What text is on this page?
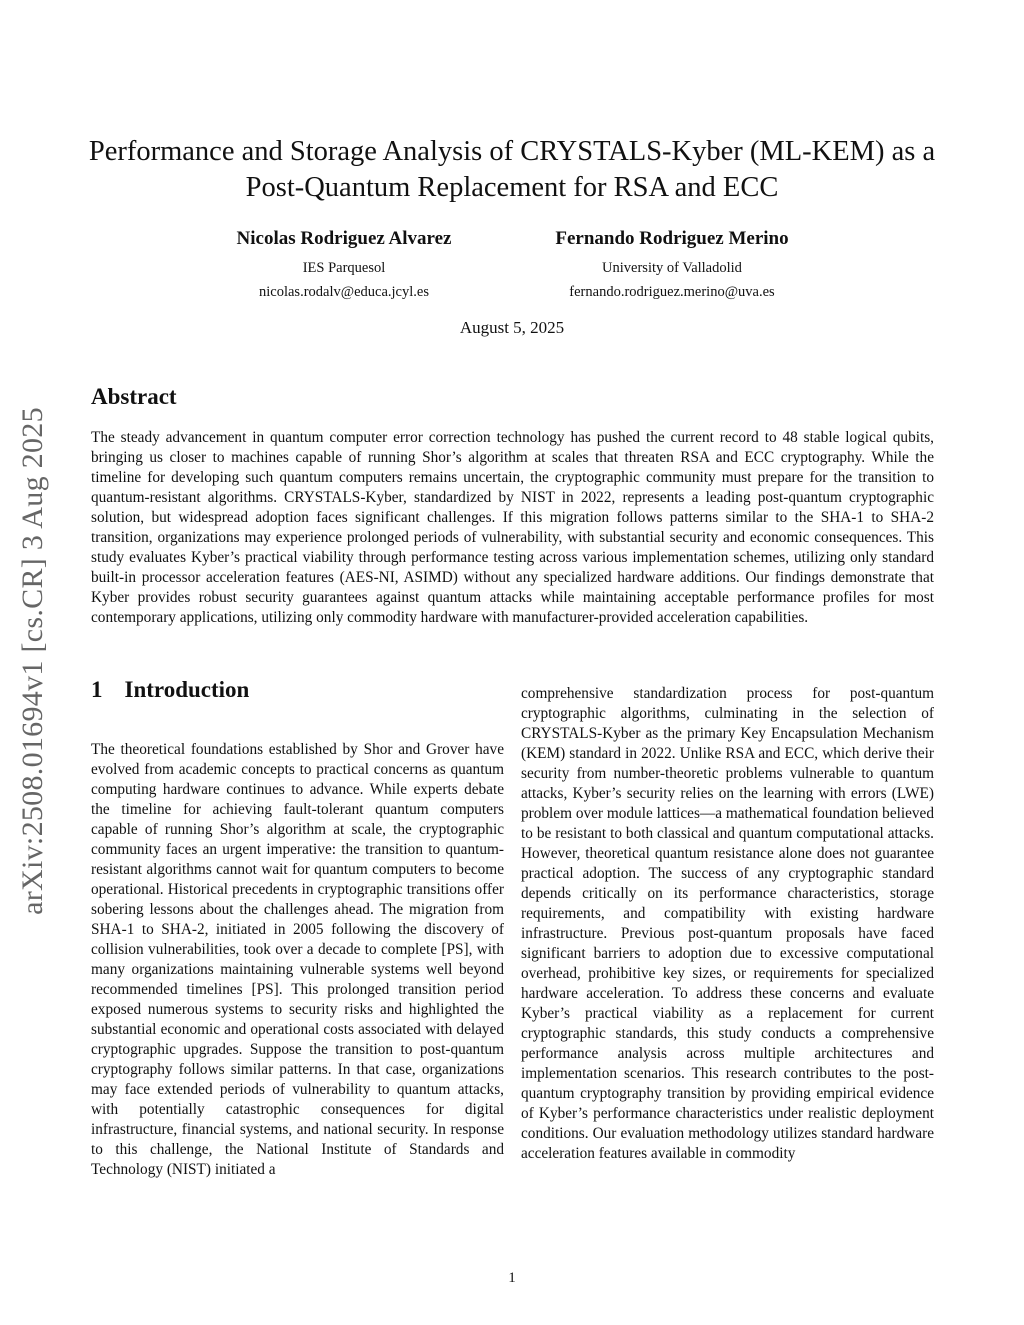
arXiv:2508.01694v1 [cs.CR] 3 Aug 2025
Performance and Storage Analysis of CRYSTALS-Kyber (ML-KEM) as a Post-Quantum Replacement for RSA and ECC
Nicolas Rodriguez Alvarez
IES Parquesol
nicolas.rodalv@educa.jcyl.es
Fernando Rodriguez Merino
University of Valladolid
fernando.rodriguez.merino@uva.es
August 5, 2025
Abstract

The steady advancement in quantum computer error correction technology has pushed the current record to 48 stable logical qubits, bringing us closer to machines capable of running Shor’s algorithm at scales that threaten RSA and ECC cryptography. While the timeline for developing such quantum computers remains uncertain, the cryptographic community must prepare for the transition to quantum-resistant algorithms. CRYSTALS-Kyber, standardized by NIST in 2022, represents a leading post-quantum cryptographic solution, but widespread adoption faces significant challenges. If this migration follows patterns similar to the SHA-1 to SHA-2 transition, organizations may experience prolonged periods of vulnerability, with substantial security and economic consequences. This study evaluates Kyber’s practical viability through performance testing across various implementation schemes, utilizing only standard built-in processor acceleration features (AES-NI, ASIMD) without any specialized hardware additions. Our findings demonstrate that Kyber provides robust security guarantees against quantum attacks while maintaining acceptable performance profiles for most contemporary applications, utilizing only commodity hardware with manufacturer-provided acceleration capabilities.

1 Introduction

The theoretical foundations established by Shor and Grover have evolved from academic concepts to practical concerns as quantum computing hardware continues to advance. While experts debate the timeline for achieving fault-tolerant quantum computers capable of running Shor’s algorithm at scale, the cryptographic community faces an urgent imperative: the transition to quantum-resistant algorithms cannot wait for quantum computers to become operational. Historical precedents in cryptographic transitions offer sobering lessons about the challenges ahead. The migration from SHA-1 to SHA-2, initiated in 2005 following the discovery of collision vulnerabilities, took over a decade to complete [PS], with many organizations maintaining vulnerable systems well beyond recommended timelines [PS]. This prolonged transition period exposed numerous systems to security risks and highlighted the substantial economic and operational costs associated with delayed cryptographic upgrades. Suppose the transition to post-quantum cryptography follows similar patterns. In that case, organizations may face extended periods of vulnerability to quantum attacks, with potentially catastrophic consequences for digital infrastructure, financial systems, and national security. In response to this challenge, the National Institute of Standards and Technology (NIST) initiated a

comprehensive standardization process for post-quantum cryptographic algorithms, culminating in the selection of CRYSTALS-Kyber as the primary Key Encapsulation Mechanism (KEM) standard in 2022. Unlike RSA and ECC, which derive their security from number-theoretic problems vulnerable to quantum attacks, Kyber’s security relies on the learning with errors (LWE) problem over module lattices—a mathematical foundation believed to be resistant to both classical and quantum computational attacks. However, theoretical quantum resistance alone does not guarantee practical adoption. The success of any cryptographic standard depends critically on its performance characteristics, storage requirements, and compatibility with existing hardware infrastructure. Previous post-quantum proposals have faced significant barriers to adoption due to excessive computational overhead, prohibitive key sizes, or requirements for specialized hardware acceleration. To address these concerns and evaluate Kyber’s practical viability as a replacement for current cryptographic standards, this study conducts a comprehensive performance analysis across multiple architectures and implementation scenarios. This research contributes to the post-quantum cryptography transition by providing empirical evidence of Kyber’s performance characteristics under realistic deployment conditions. Our evaluation methodology utilizes standard hardware acceleration features available in commodity

1
